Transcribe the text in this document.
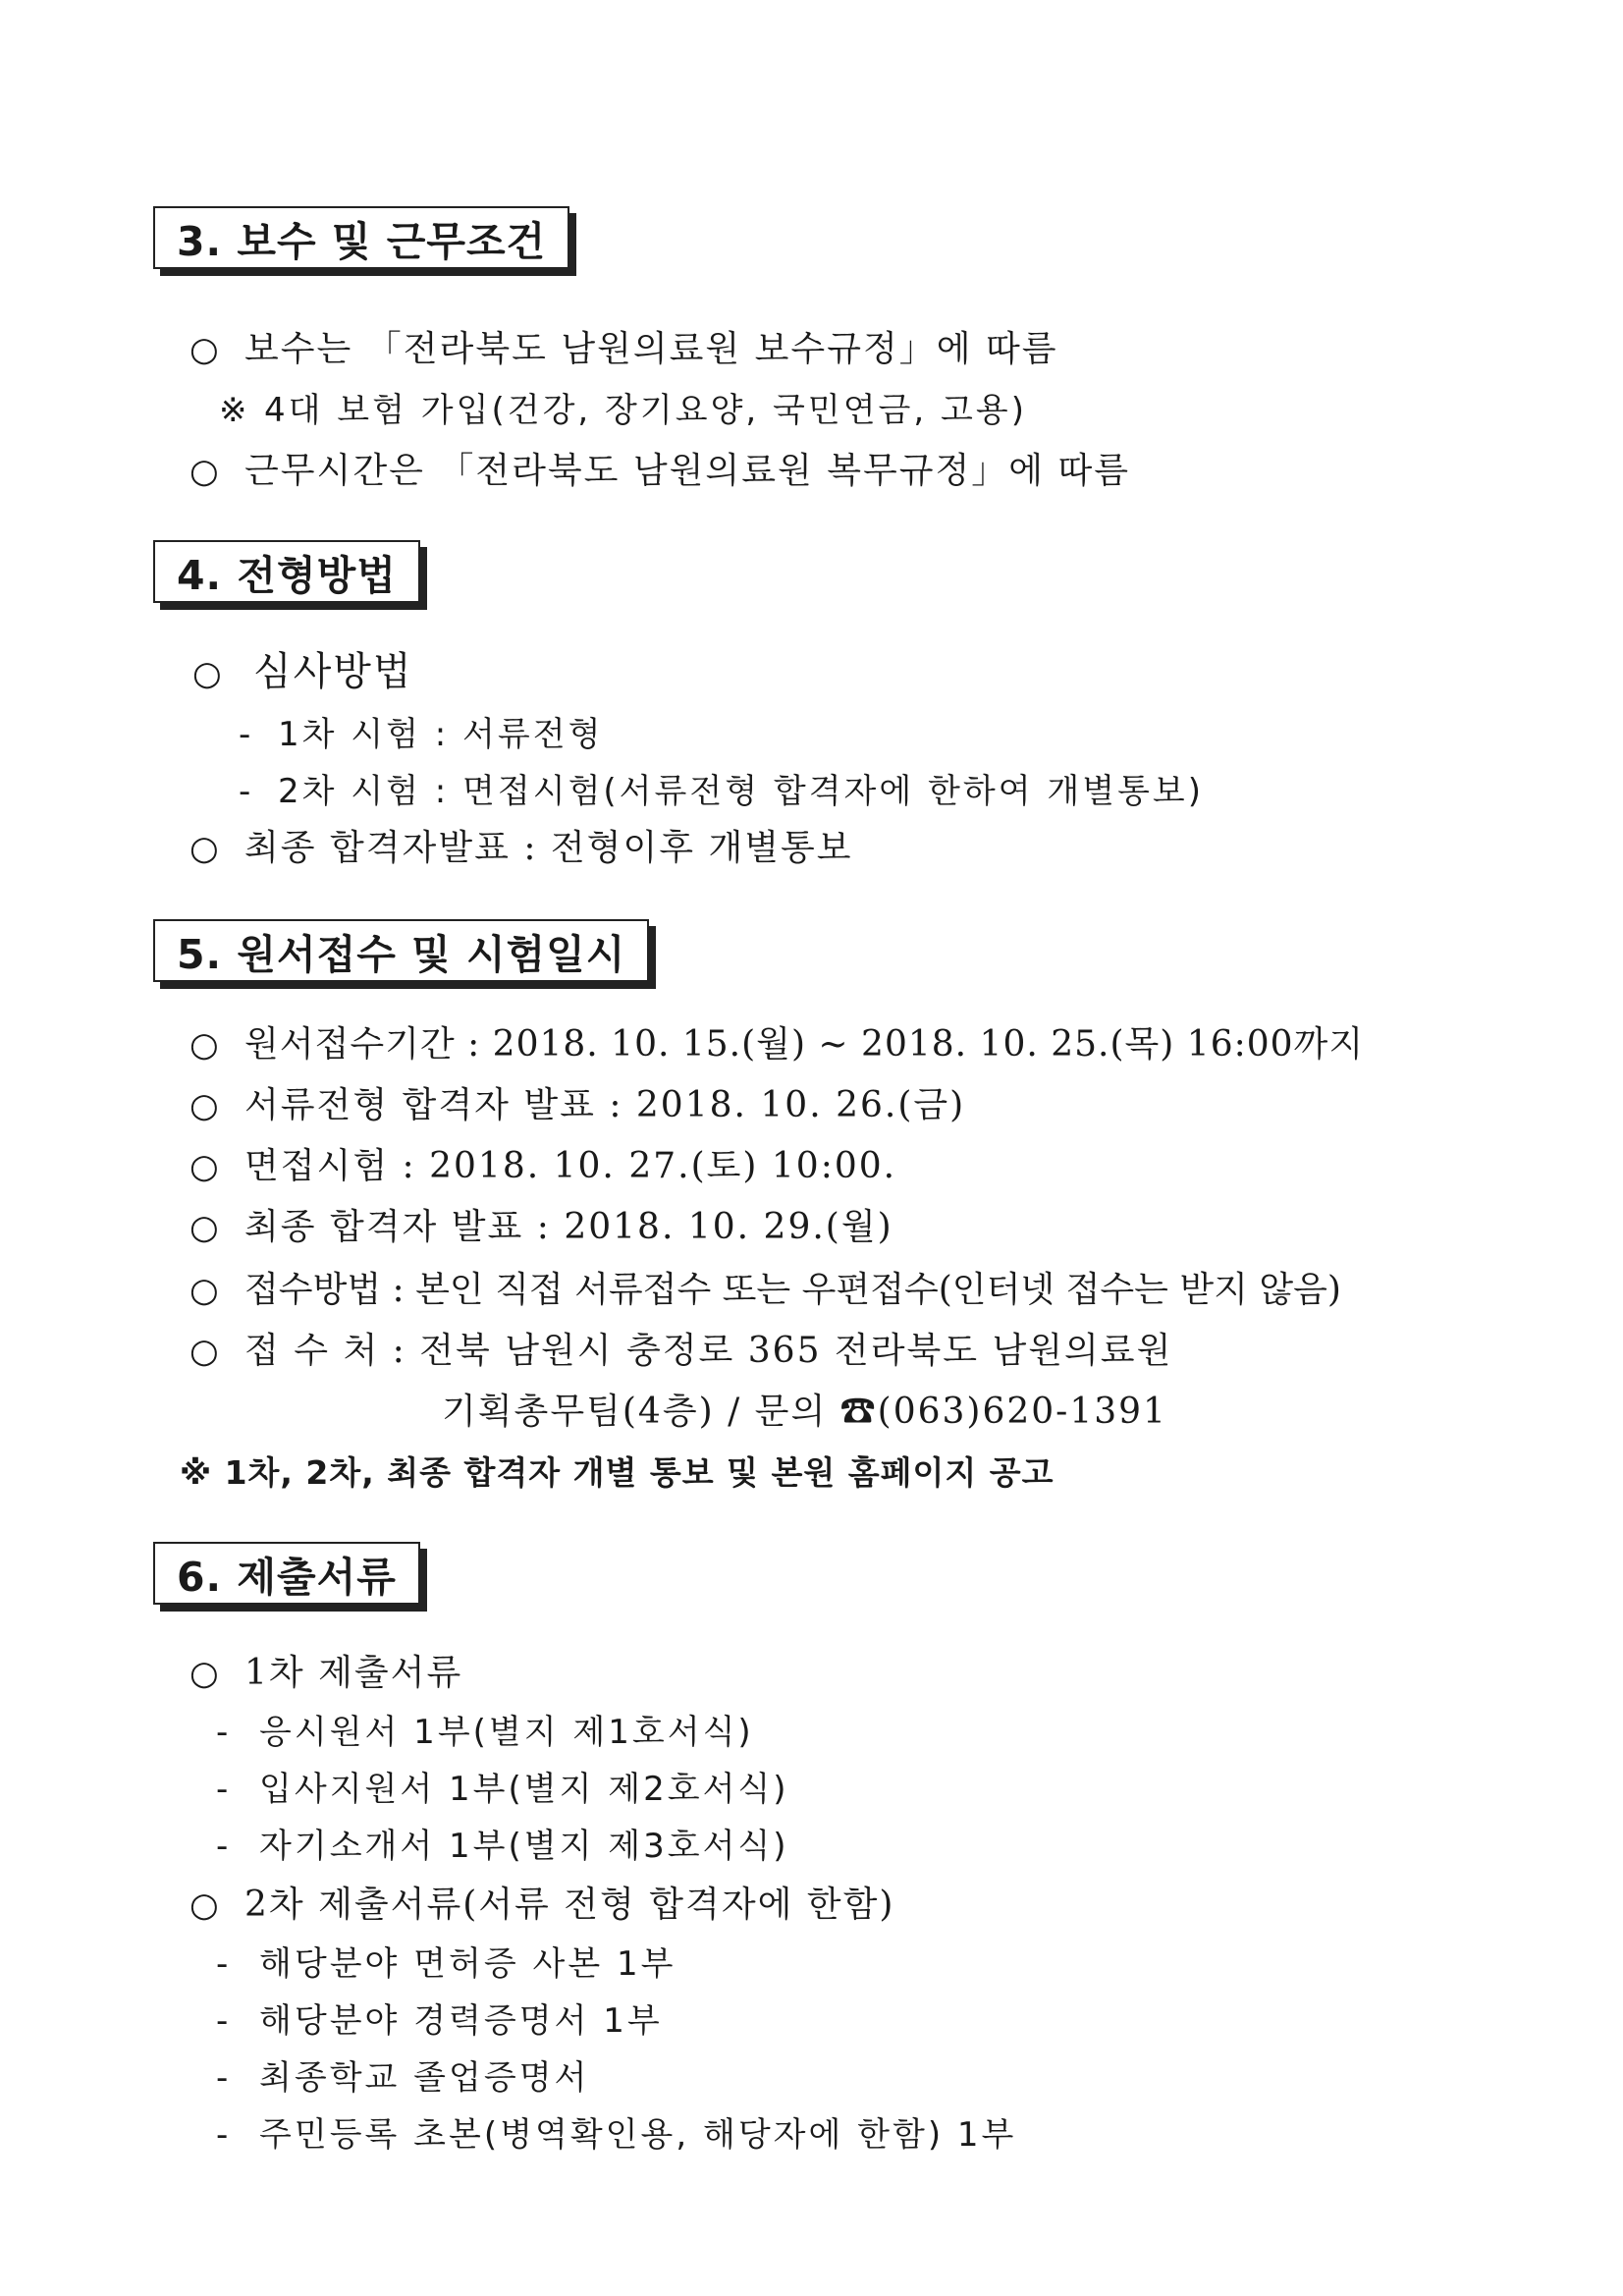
3. 보수 및 근무조건
○ 보수는 「전라북도 남원의료원 보수규정」에 따름
※ 4대 보험 가입(건강, 장기요양, 국민연금, 고용)
○ 근무시간은 「전라북도 남원의료원 복무규정」에 따름
4. 전형방법
○ 심사방법
- 1차 시험 : 서류전형
- 2차 시험 : 면접시험(서류전형 합격자에 한하여 개별통보)
○ 최종 합격자발표 : 전형이후 개별통보
5. 원서접수 및 시험일시
○ 원서접수기간 : 2018. 10. 15.(월) ~ 2018. 10. 25.(목) 16:00까지
○ 서류전형 합격자 발표 : 2018. 10. 26.(금)
○ 면접시험 : 2018. 10. 27.(토) 10:00.
○ 최종 합격자 발표 : 2018. 10. 29.(월)
○ 접수방법 : 본인 직접 서류접수 또는 우편접수(인터넷 접수는 받지 않음)
○ 접 수 처 : 전북 남원시 충정로 365 전라북도 남원의료원
기획총무팀(4층) / 문의 ☎(063)620-1391
※ 1차, 2차, 최종 합격자 개별 통보 및 본원 홈페이지 공고
6. 제출서류
○ 1차 제출서류
- 응시원서 1부(별지 제1호서식)
- 입사지원서 1부(별지 제2호서식)
- 자기소개서 1부(별지 제3호서식)
○ 2차 제출서류(서류 전형 합격자에 한함)
- 해당분야 면허증 사본 1부
- 해당분야 경력증명서 1부
- 최종학교 졸업증명서
- 주민등록 초본(병역확인용, 해당자에 한함) 1부
